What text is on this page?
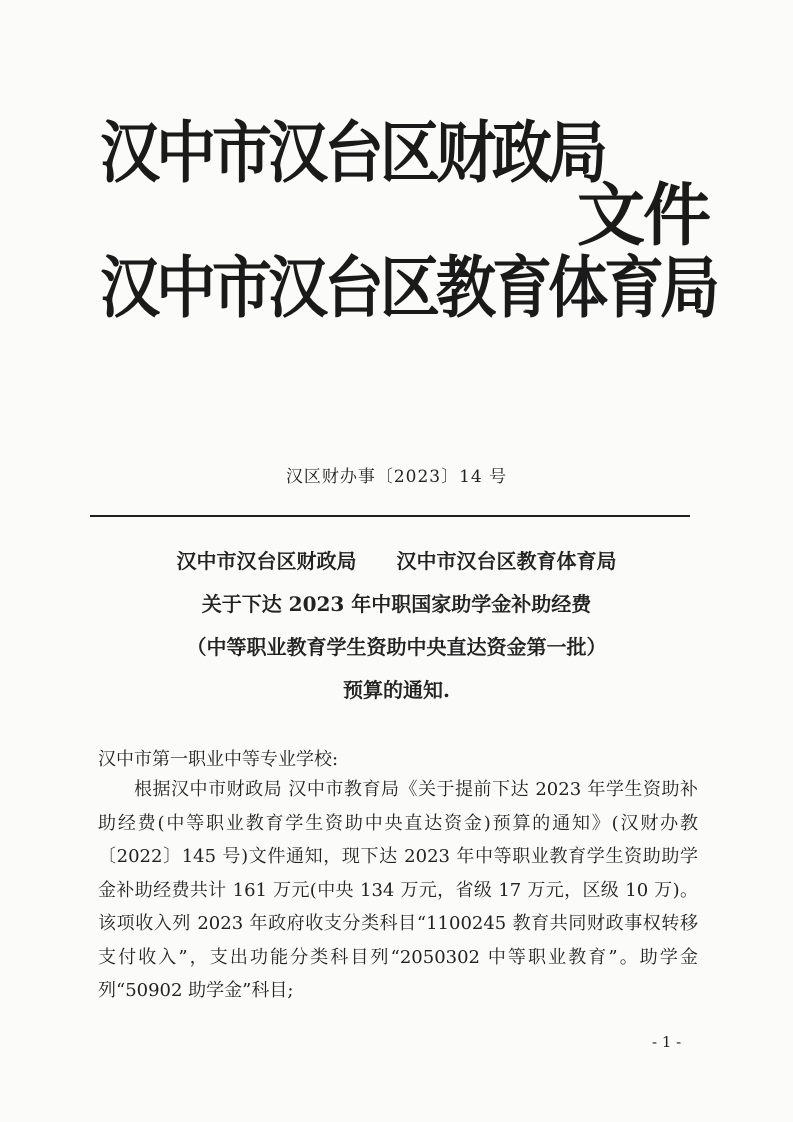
汉中市汉台区财政局
汉中市汉台区教育体育局
文件
汉区财办事〔2023〕14 号
汉中市汉台区财政局　　汉中市汉台区教育体育局
关于下达 2023 年中职国家助学金补助经费
（中等职业教育学生资助中央直达资金第一批）
预算的通知.
汉中市第一职业中等专业学校:

根据汉中市财政局 汉中市教育局《关于提前下达 2023 年学生资助补助经费(中等职业教育学生资助中央直达资金)预算的通知》(汉财办教〔2022〕145 号)文件通知，现下达 2023 年中等职业教育学生资助助学金补助经费共计 161 万元(中央 134 万元，省级 17 万元，区级 10 万)。该项收入列 2023 年政府收支分类科目“1100245 教育共同财政事权转移支付收入”，支出功能分类科目列“2050302 中等职业教育”。助学金列“50902 助学金”科目;

- 1 -
